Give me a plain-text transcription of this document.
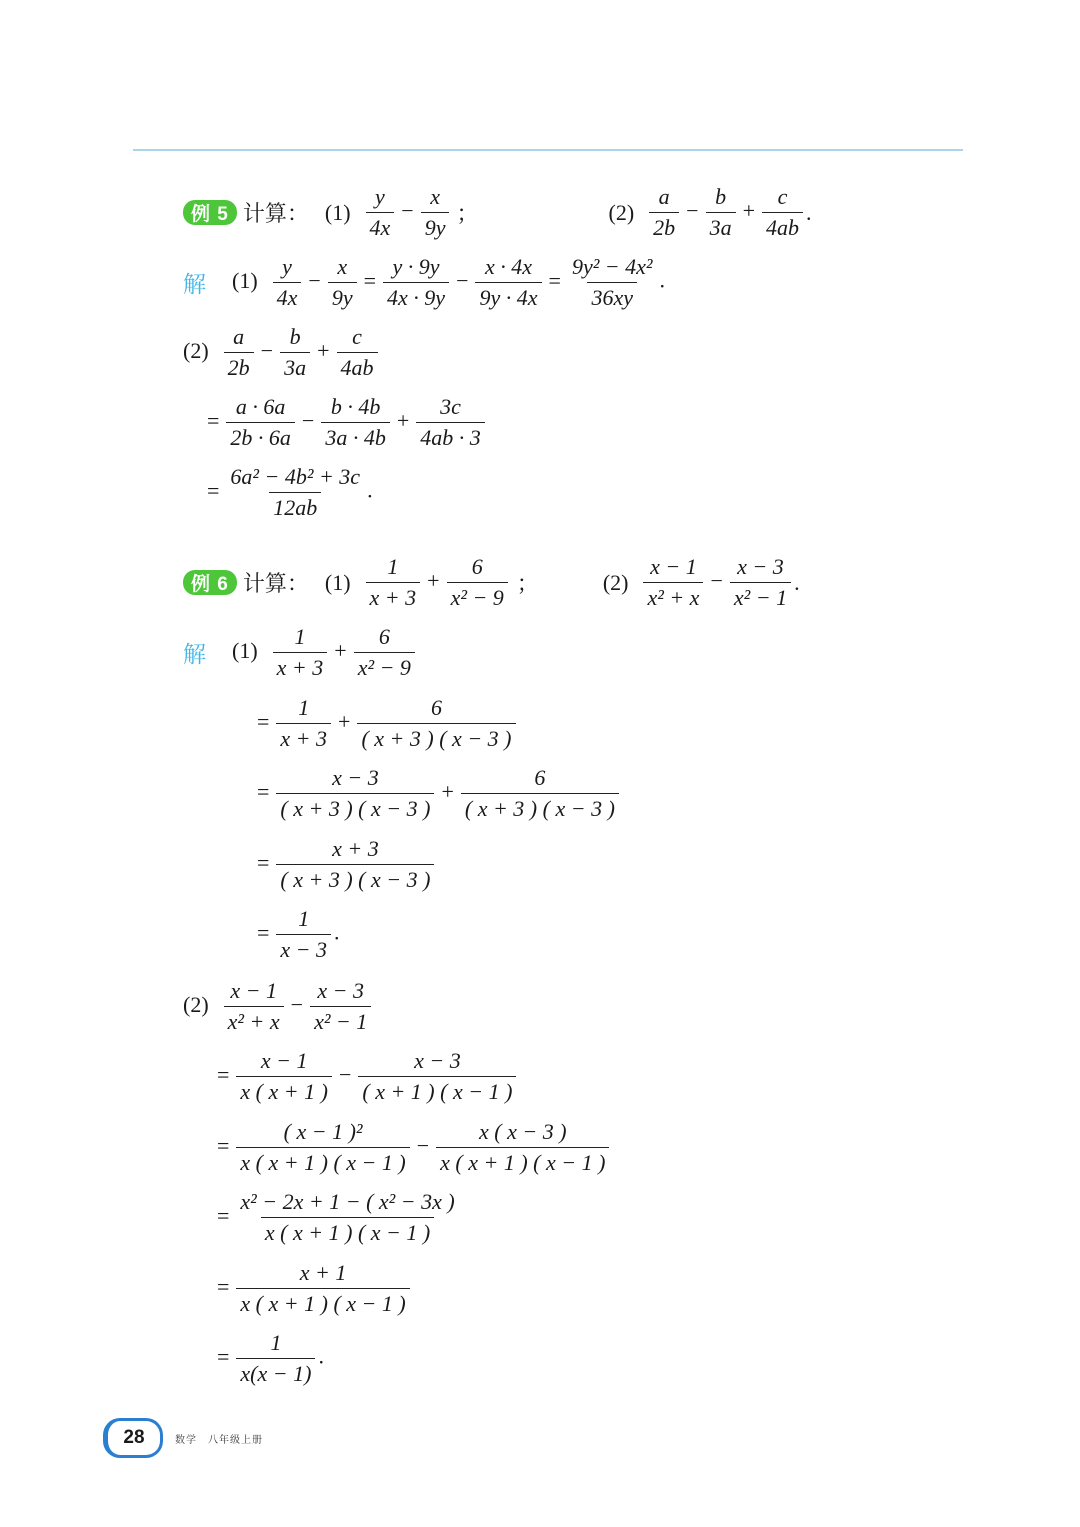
例 5 计算： $(1) \frac{y}{4x} - \frac{x}{9y}$ ；	$(2) \frac{a}{2b} - \frac{b}{3a} + \frac{c}{4ab}$ .
解 $(1) \frac{y}{4x} - \frac{x}{9y} = \frac{y \cdot 9y}{4x \cdot 9y} - \frac{x \cdot 4x}{9y \cdot 4x} = \frac{\text{9y² − 4x²}}{36xy}$ .
$(2) \frac{a}{2b} - \frac{b}{3a} + \frac{c}{4ab}$
= $\frac{a \cdot 6a}{2b \cdot 6a} - \frac{b \cdot 4b}{3a \cdot 4b} + \frac{3c}{4ab \cdot 3}$
= $\frac{\text{6a² − 4b² + 3c}}{12ab}$ .
例 6 计算： $(1) \frac{1}{x + 3} + \frac{6}{\text{x² − 9}}$ ；	$(2) \frac{x - 1}{\text{x² + x}} - \frac{x - 3}{\text{x² − 1}}$ .
解 $(1) \frac{1}{x + 3} + \frac{6}{\text{x² − 9}}$
= $\frac{1}{x + 3} + \frac{6}{( x + 3 ) ( x - 3 )}$
= $\frac{x - 3}{( x + 3 ) ( x - 3 )} + \frac{6}{( x + 3 ) ( x - 3 )}$
= $\frac{x + 3}{( x + 3 ) ( x - 3 )}$
= $\frac{1}{x - 3}$ .
$(2) \frac{x - 1}{\text{x² + x}} - \frac{x - 3}{\text{x² − 1}}$
= $\frac{x - 1}{x ( x + 1 )} - \frac{x - 3}{( x + 1 ) ( x - 1 )}$
= $\frac{\text{( x − 1 )²}}{x ( x + 1 ) ( x - 1 )} - \frac{x ( x - 3 )}{x ( x + 1 ) ( x - 1 )}$
= $\frac{\text{x² − 2x + 1 − ( x² − 3x )}}{x ( x + 1 ) ( x - 1 )}$
= $\frac{x + 1}{x ( x + 1 ) ( x - 1 )}$
= $\frac{1}{x(x - 1)}$ .
28	数学　八年级上册
